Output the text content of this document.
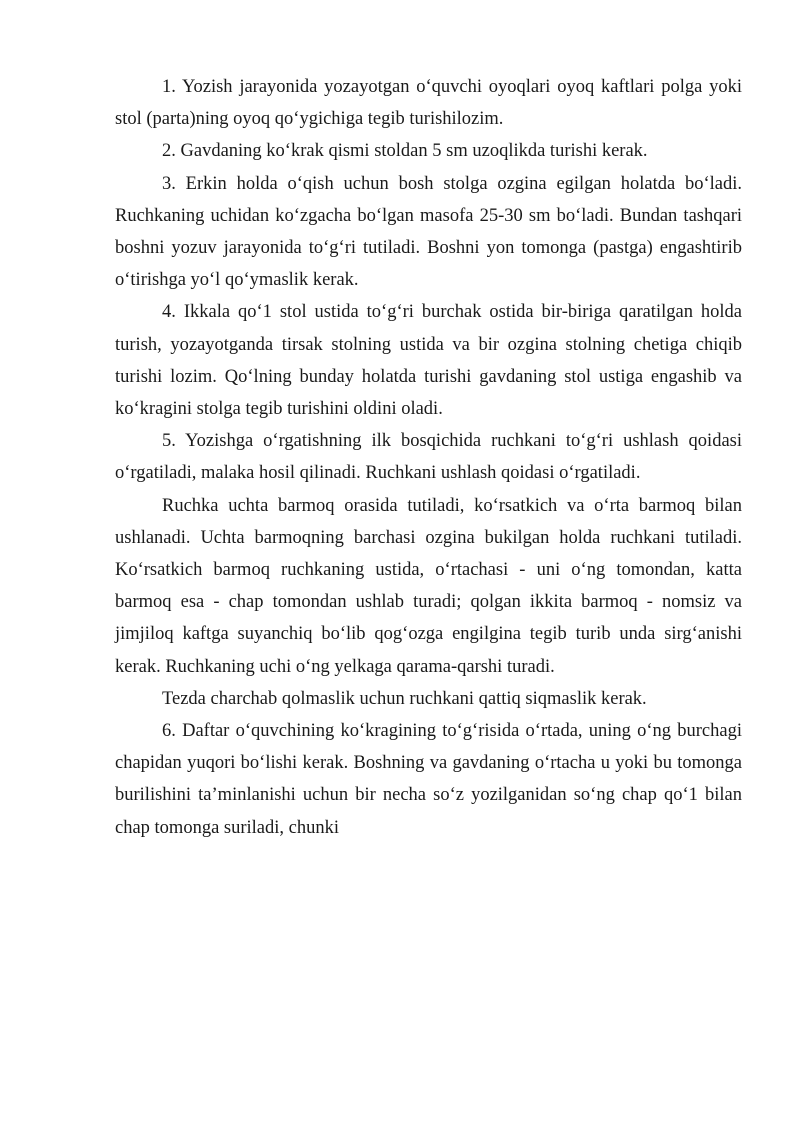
1. Yozish jarayonida yozayotgan o‘quvchi oyoqlari oyoq kaftlari polga yoki stol (parta)ning oyoq qo‘ygichiga tegib turishilozim.

2. Gavdaning ko‘krak qismi stoldan 5 sm uzoqlikda turishi kerak.

3. Erkin holda o‘qish uchun bosh stolga ozgina egilgan holatda bo‘ladi. Ruchkaning uchidan ko‘zgacha bo‘lgan masofa 25-30 sm bo‘ladi. Bundan tashqari boshni yozuv jarayonida to‘g‘ri tutiladi. Boshni yon tomonga (pastga) engashtirib o‘tirishga yo‘l qo‘ymaslik kerak.

4. Ikkala qo‘1 stol ustida to‘g‘ri burchak ostida bir-biriga qaratilgan holda turish, yozayotganda tirsak stolning ustida va bir ozgina stolning chetiga chiqib turishi lozim. Qo‘lning bunday holatda turishi gavdaning stol ustiga engashib va ko‘kragini stolga tegib turishini oldini oladi.

5. Yozishga o‘rgatishning ilk bosqichida ruchkani to‘g‘ri ushlash qoidasi o‘rgatiladi, malaka hosil qilinadi. Ruchkani ushlash qoidasi o‘rgatiladi.

Ruchka uchta barmoq orasida tutiladi, ko‘rsatkich va o‘rta barmoq bilan ushlanadi. Uchta barmoqning barchasi ozgina bukilgan holda ruchkani tutiladi. Ko‘rsatkich barmoq ruchkaning ustida, o‘rtachasi - uni o‘ng tomondan, katta barmoq esa - chap tomondan ushlab turadi; qolgan ikkita barmoq - nomsiz va jimjiloq kaftga suyanchiq bo‘lib qog‘ozga engilgina tegib turib unda sirg‘anishi kerak. Ruchkaning uchi o‘ng yelkaga qarama-qarshi turadi.

Tezda charchab qolmaslik uchun ruchkani qattiq siqmaslik kerak.

6. Daftar o‘quvchining ko‘kragining to‘g‘risida o‘rtada, uning o‘ng burchagi chapidan yuqori bo‘lishi kerak. Boshning va gavdaning o‘rtacha u yoki bu tomonga burilishini ta’minlanishi uchun bir necha so‘z yozilganidan so‘ng chap qo‘1 bilan chap tomonga suriladi, chunki
